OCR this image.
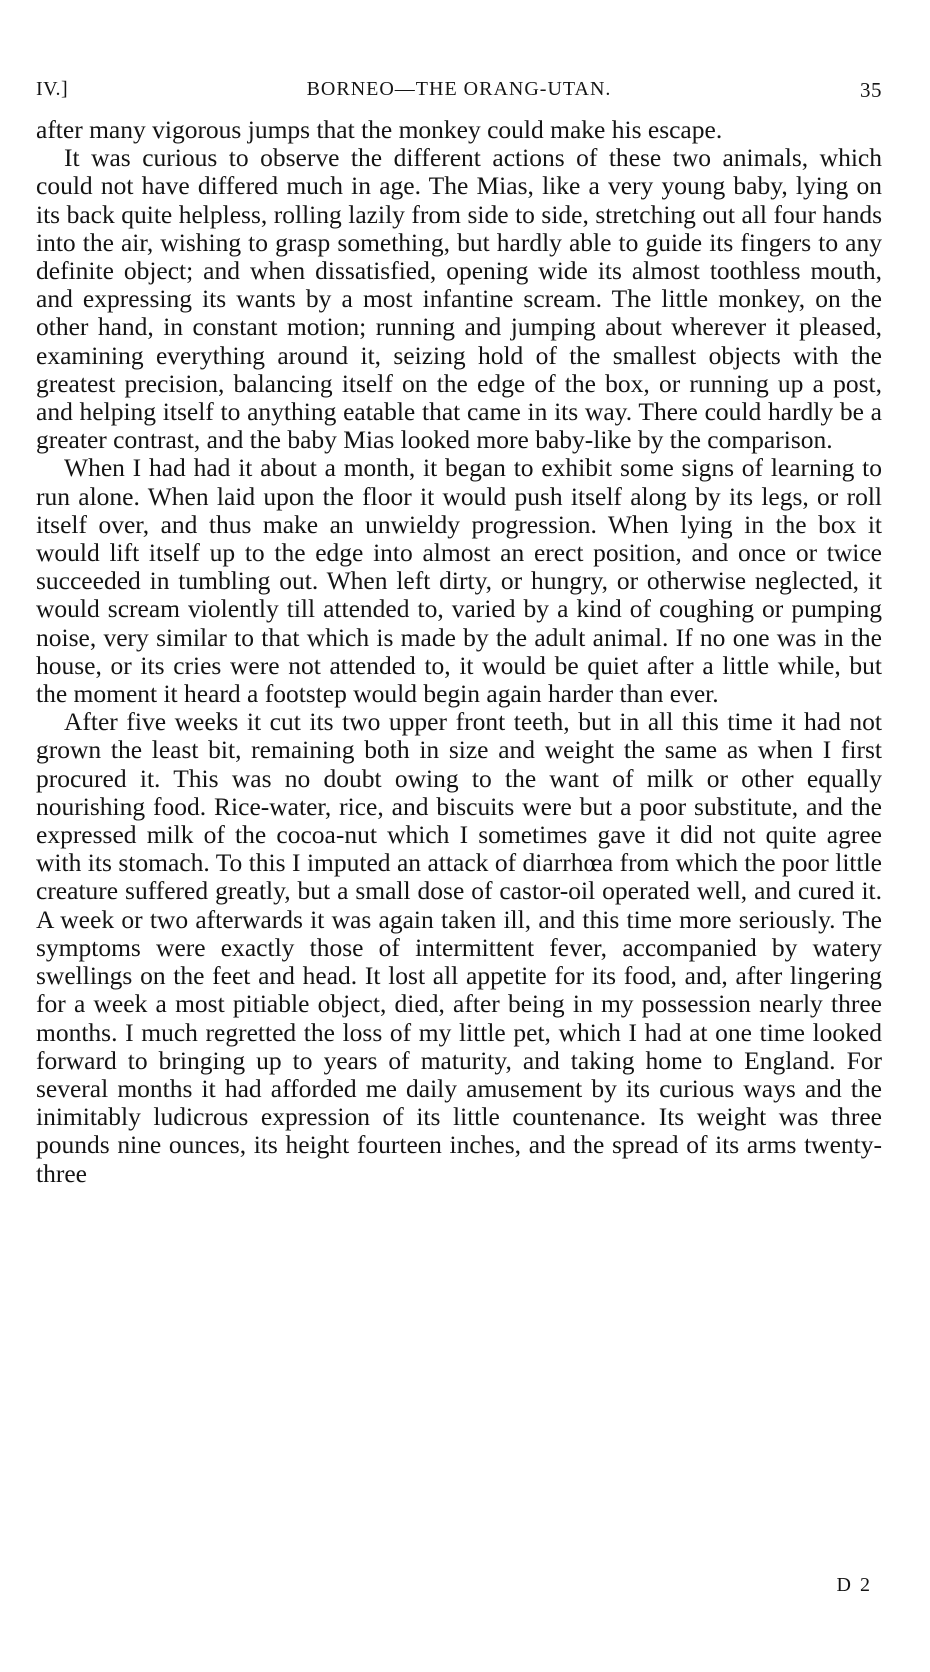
IV.]	BORNEO—THE ORANG-UTAN.	35

after many vigorous jumps that the monkey could make his escape.

It was curious to observe the different actions of these two animals, which could not have differed much in age. The Mias, like a very young baby, lying on its back quite helpless, rolling lazily from side to side, stretching out all four hands into the air, wishing to grasp something, but hardly able to guide its fingers to any definite object; and when dissatisfied, opening wide its almost toothless mouth, and expressing its wants by a most infantine scream. The little monkey, on the other hand, in constant motion; running and jumping about wherever it pleased, examining everything around it, seizing hold of the smallest objects with the greatest precision, balancing itself on the edge of the box, or running up a post, and helping itself to anything eatable that came in its way. There could hardly be a greater contrast, and the baby Mias looked more baby-like by the comparison.

When I had had it about a month, it began to exhibit some signs of learning to run alone. When laid upon the floor it would push itself along by its legs, or roll itself over, and thus make an unwieldy progression. When lying in the box it would lift itself up to the edge into almost an erect position, and once or twice succeeded in tumbling out. When left dirty, or hungry, or otherwise neglected, it would scream violently till attended to, varied by a kind of coughing or pumping noise, very similar to that which is made by the adult animal. If no one was in the house, or its cries were not attended to, it would be quiet after a little while, but the moment it heard a footstep would begin again harder than ever.

After five weeks it cut its two upper front teeth, but in all this time it had not grown the least bit, remaining both in size and weight the same as when I first procured it. This was no doubt owing to the want of milk or other equally nourishing food. Rice-water, rice, and biscuits were but a poor substitute, and the expressed milk of the cocoa-nut which I sometimes gave it did not quite agree with its stomach. To this I imputed an attack of diarrhœa from which the poor little creature suffered greatly, but a small dose of castor-oil operated well, and cured it. A week or two afterwards it was again taken ill, and this time more seriously. The symptoms were exactly those of intermittent fever, accompanied by watery swellings on the feet and head. It lost all appetite for its food, and, after lingering for a week a most pitiable object, died, after being in my possession nearly three months. I much regretted the loss of my little pet, which I had at one time looked forward to bringing up to years of maturity, and taking home to England. For several months it had afforded me daily amusement by its curious ways and the inimitably ludicrous expression of its little countenance. Its weight was three pounds nine ounces, its height fourteen inches, and the spread of its arms twenty-three

D 2
